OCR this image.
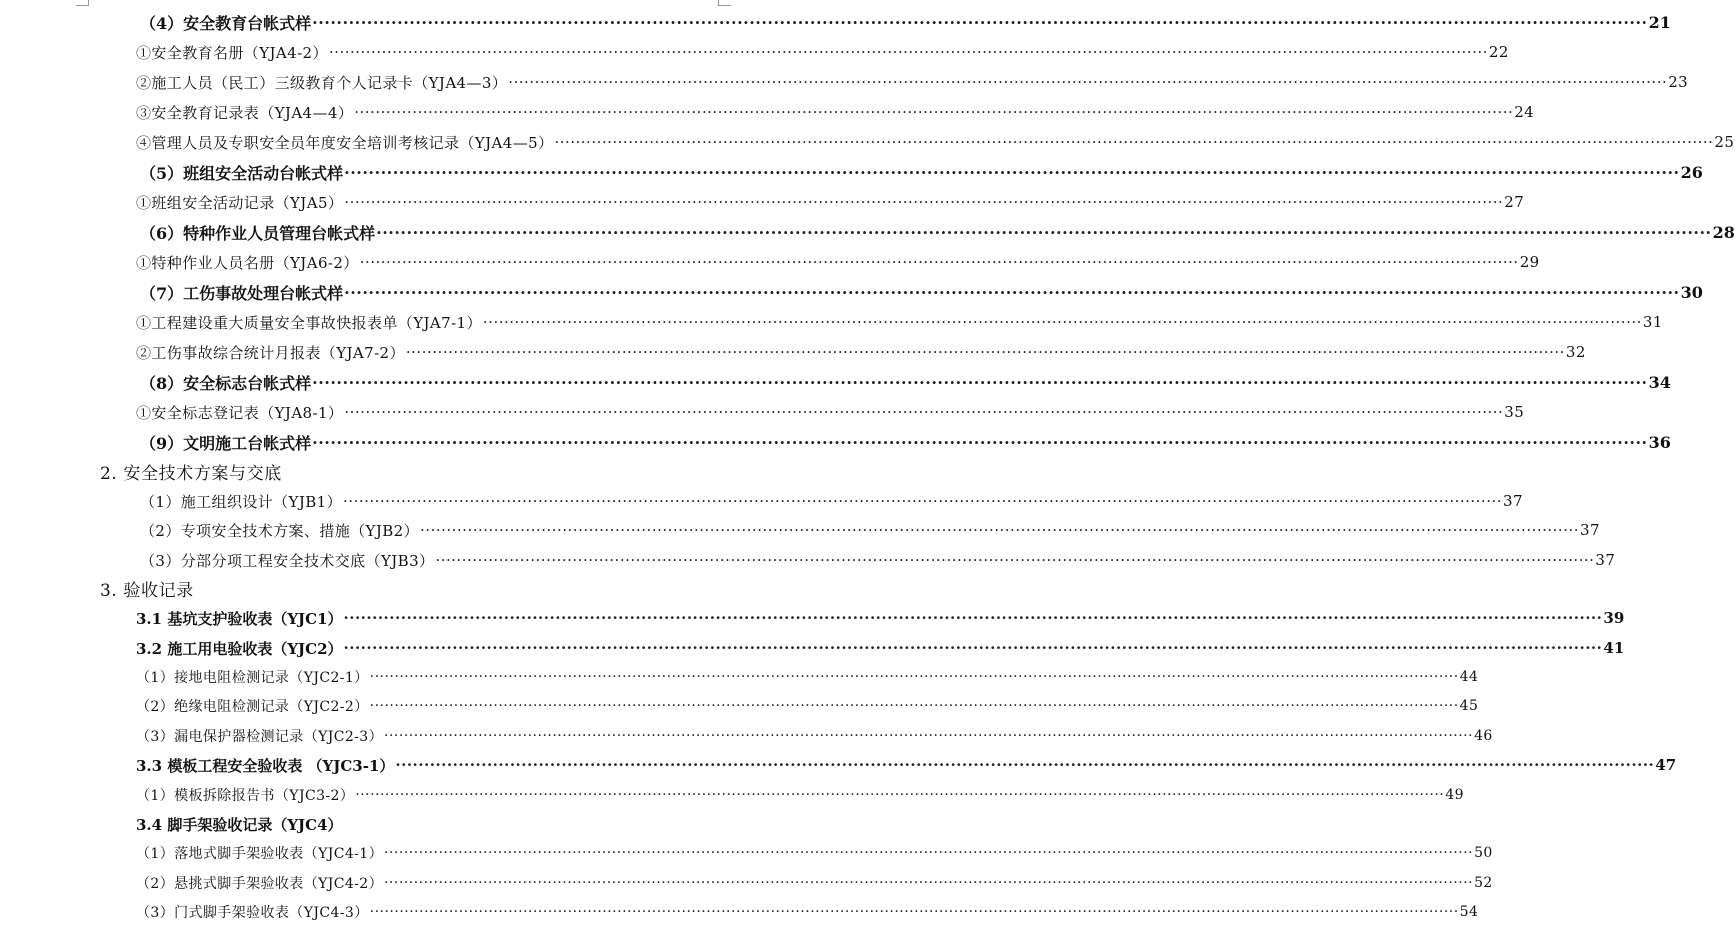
（4）安全教育台帐式样 ···························································································································································································································· 21
①安全教育名册（YJA4-2） ···························································································································································································································· 22
②施工人员（民工）三级教育个人记录卡（YJA4—3） ···························································································································································································································· 23
③安全教育记录表（YJA4—4） ···························································································································································································································· 24
④管理人员及专职安全员年度安全培训考核记录（YJA4—5） ···························································································································································································································· 25
（5）班组安全活动台帐式样 ···························································································································································································································· 26
①班组安全活动记录（YJA5） ···························································································································································································································· 27
（6）特种作业人员管理台帐式样 ···························································································································································································································· 28
①特种作业人员名册（YJA6-2） ···························································································································································································································· 29
（7）工伤事故处理台帐式样 ···························································································································································································································· 30
①工程建设重大质量安全事故快报表单（YJA7-1） ···························································································································································································································· 31
②工伤事故综合统计月报表（YJA7-2） ···························································································································································································································· 32
（8）安全标志台帐式样 ···························································································································································································································· 34
①安全标志登记表（YJA8-1） ···························································································································································································································· 35
（9）文明施工台帐式样 ···························································································································································································································· 36
2. 安全技术方案与交底
（1）施工组织设计（YJB1） ···························································································································································································································· 37
（2）专项安全技术方案、措施（YJB2） ···························································································································································································································· 37
（3）分部分项工程安全技术交底（YJB3） ···························································································································································································································· 37
3. 验收记录
3.1 基坑支护验收表（YJC1） ···························································································································································································································· 39
3.2 施工用电验收表（YJC2） ···························································································································································································································· 41
（1）接地电阻检测记录（YJC2-1） ···························································································································································································································· 44
（2）绝缘电阻检测记录（YJC2-2） ···························································································································································································································· 45
（3）漏电保护器检测记录（YJC2-3） ···························································································································································································································· 46
3.3 模板工程安全验收表 （YJC3-1） ···························································································································································································································· 47
（1）模板拆除报告书（YJC3-2） ···························································································································································································································· 49
3.4 脚手架验收记录（YJC4）
（1）落地式脚手架验收表（YJC4-1） ···························································································································································································································· 50
（2）悬挑式脚手架验收表（YJC4-2） ···························································································································································································································· 52
（3）门式脚手架验收表（YJC4-3） ···························································································································································································································· 54
